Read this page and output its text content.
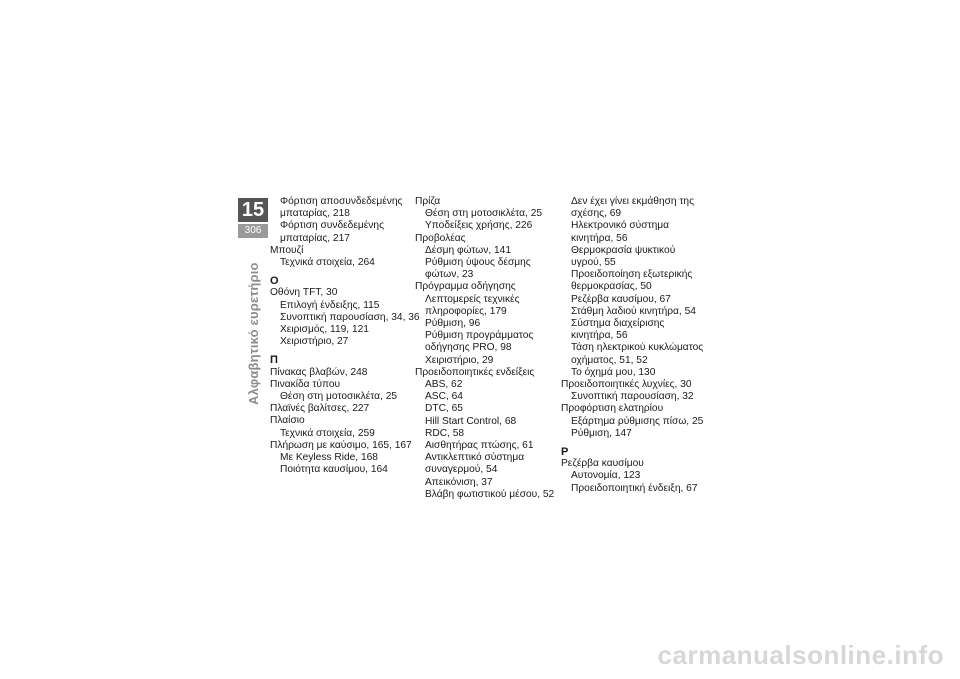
15
306
Αλφαβητικό ευρετήριο
Φόρτιση αποσυνδεδεμένης
μπαταρίας, 218
Φόρτιση συνδεδεμένης
μπαταρίας, 217
Μπουζί
Τεχνικά στοιχεία, 264
Ο
Οθόνη TFT, 30
Επιλογή ένδειξης, 115
Συνοπτική παρουσίαση, 34, 36
Χειρισμός, 119, 121
Χειριστήριο, 27
Π
Πίνακας βλαβών, 248
Πινακίδα τύπου
Θέση στη μοτοσικλέτα, 25
Πλαϊνές βαλίτσες, 227
Πλαίσιο
Τεχνικά στοιχεία, 259
Πλήρωση με καύσιμο, 165, 167
Με Keyless Ride, 168
Ποιότητα καυσίμου, 164
Πρίζα
Θέση στη μοτοσικλέτα, 25
Υποδείξεις χρήσης, 226
Προβολέας
Δέσμη φώτων, 141
Ρύθμιση ύψους δέσμης
φώτων, 23
Πρόγραμμα οδήγησης
Λεπτομερείς τεχνικές
πληροφορίες, 179
Ρύθμιση, 96
Ρύθμιση προγράμματος
οδήγησης PRO, 98
Χειριστήριο, 29
Προειδοποιητικές ενδείξεις
ABS, 62
ASC, 64
DTC, 65
Hill Start Control, 68
RDC, 58
Αισθητήρας πτώσης, 61
Αντικλεπτικό σύστημα
συναγερμού, 54
Απεικόνιση, 37
Βλάβη φωτιστικού μέσου, 52
Δεν έχει γίνει εκμάθηση της
σχέσης, 69
Ηλεκτρονικό σύστημα
κινητήρα, 56
Θερμοκρασία ψυκτικού
υγρού, 55
Προειδοποίηση εξωτερικής
θερμοκρασίας, 50
Ρεζέρβα καυσίμου, 67
Στάθμη λαδιού κινητήρα, 54
Σύστημα διαχείρισης
κινητήρα, 56
Τάση ηλεκτρικού κυκλώματος
οχήματος, 51, 52
Το όχημά μου, 130
Προειδοποιητικές λυχνίες, 30
Συνοπτική παρουσίαση, 32
Προφόρτιση ελατηρίου
Εξάρτημα ρύθμισης πίσω, 25
Ρύθμιση, 147
Ρ
Ρεζέρβα καυσίμου
Αυτονομία, 123
Προειδοποιητική ένδειξη, 67
carmanualsonline.info
